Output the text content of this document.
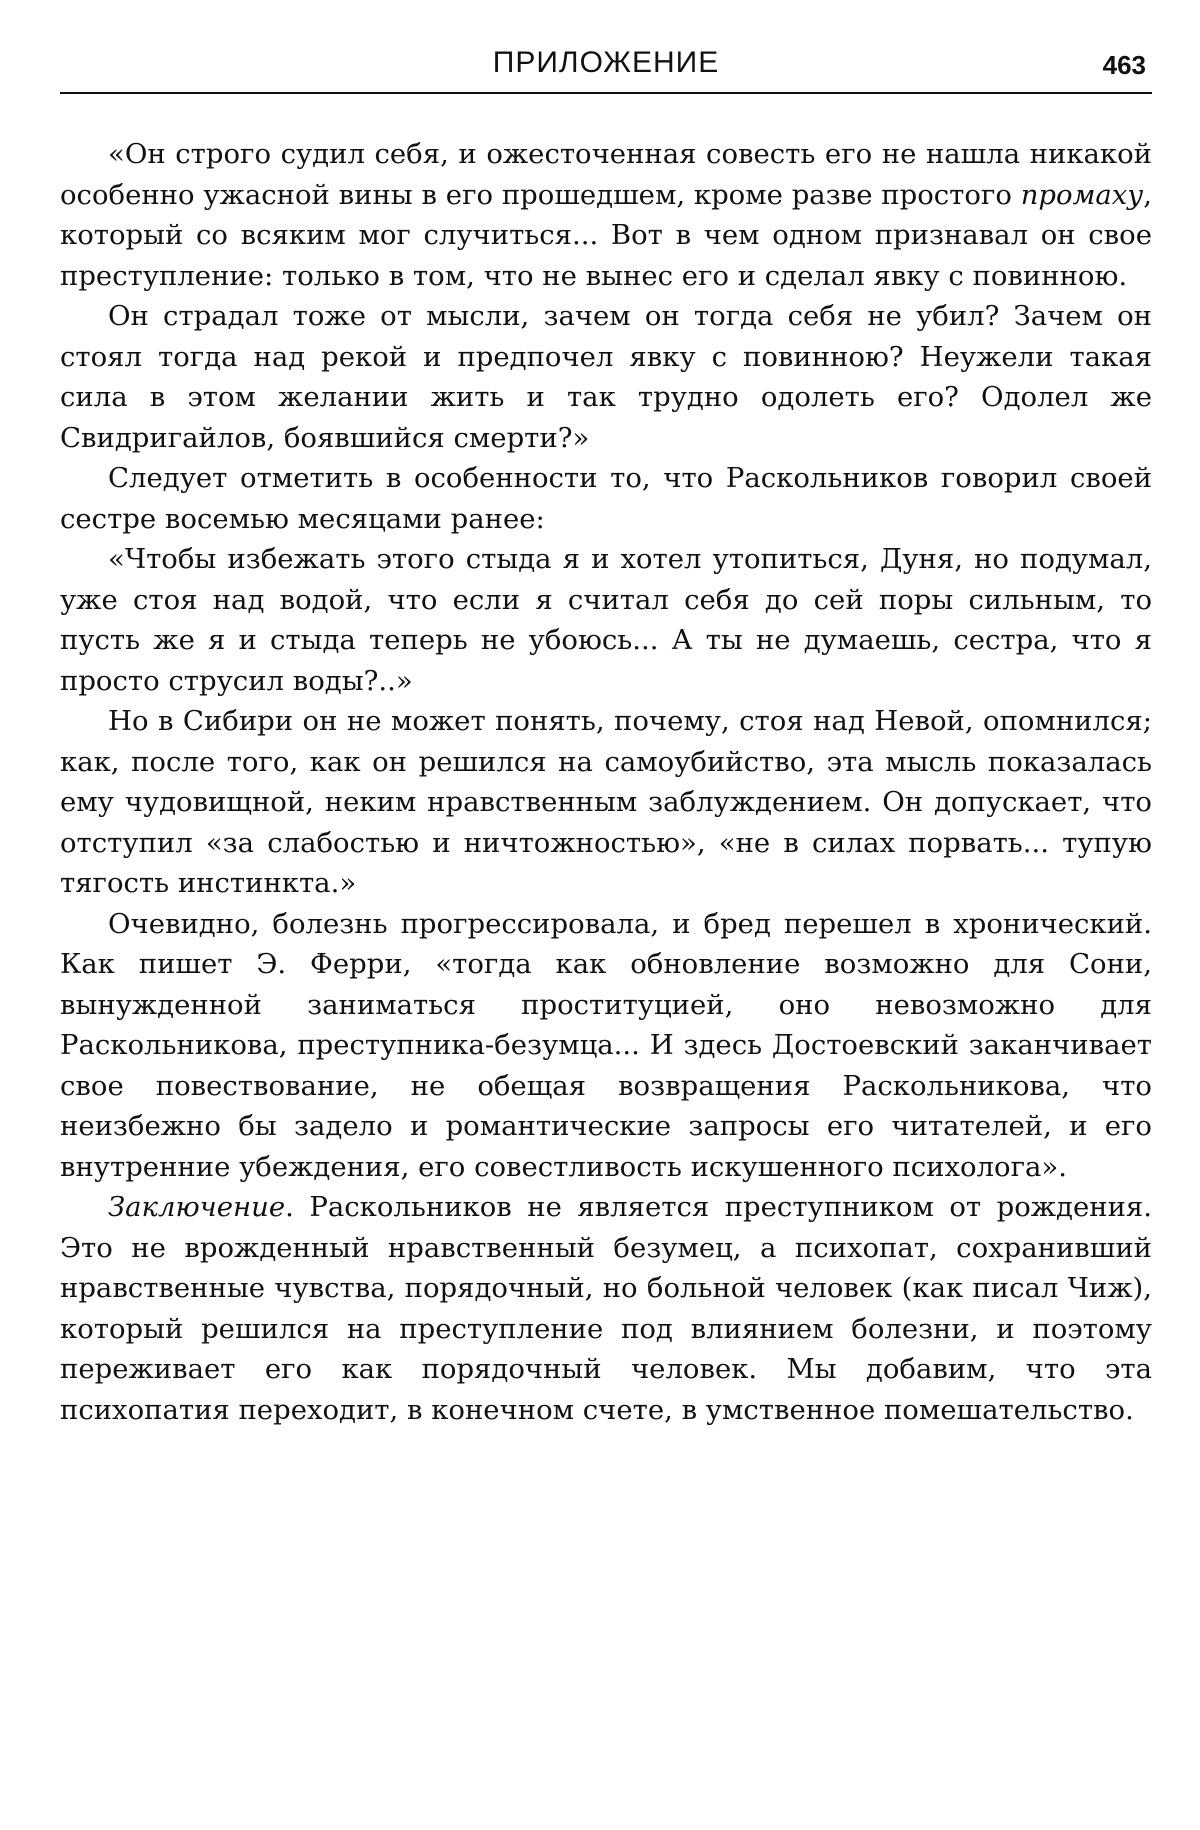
ПРИЛОЖЕНИЕ	463

«Он строго судил себя, и ожесточенная совесть его не нашла никакой особенно ужасной вины в его прошедшем, кроме разве простого промаху, который со всяким мог случиться... Вот в чем одном признавал он свое преступление: только в том, что не вынес его и сделал явку с повинною.

Он страдал тоже от мысли, зачем он тогда себя не убил? Зачем он стоял тогда над рекой и предпочел явку с повинною? Неужели такая сила в этом желании жить и так трудно одолеть его? Одолел же Свидригайлов, боявшийся смерти?»

Следует отметить в особенности то, что Раскольников говорил своей сестре восемью месяцами ранее:

«Чтобы избежать этого стыда я и хотел утопиться, Дуня, но подумал, уже стоя над водой, что если я считал себя до сей поры сильным, то пусть же я и стыда теперь не убоюсь... А ты не думаешь, сестра, что я просто струсил воды?..»

Но в Сибири он не может понять, почему, стоя над Невой, опомнился; как, после того, как он решился на самоубийство, эта мысль показалась ему чудовищной, неким нравственным заблуждением. Он допускает, что отступил «за слабостью и ничтожностью», «не в силах порвать... тупую тягость инстинкта.»

Очевидно, болезнь прогрессировала, и бред перешел в хронический. Как пишет Э. Ферри, «тогда как обновление возможно для Сони, вынужденной заниматься проституцией, оно невозможно для Раскольникова, преступника-безумца... И здесь Достоевский заканчивает свое повествование, не обещая возвращения Раскольникова, что неизбежно бы задело и романтические запросы его читателей, и его внутренние убеждения, его совестливость искушенного психолога».

Заключение. Раскольников не является преступником от рождения. Это не врожденный нравственный безумец, а психопат, сохранивший нравственные чувства, порядочный, но больной человек (как писал Чиж), который решился на преступление под влиянием болезни, и поэтому переживает его как порядочный человек. Мы добавим, что эта психопатия переходит, в конечном счете, в умственное помешательство.
